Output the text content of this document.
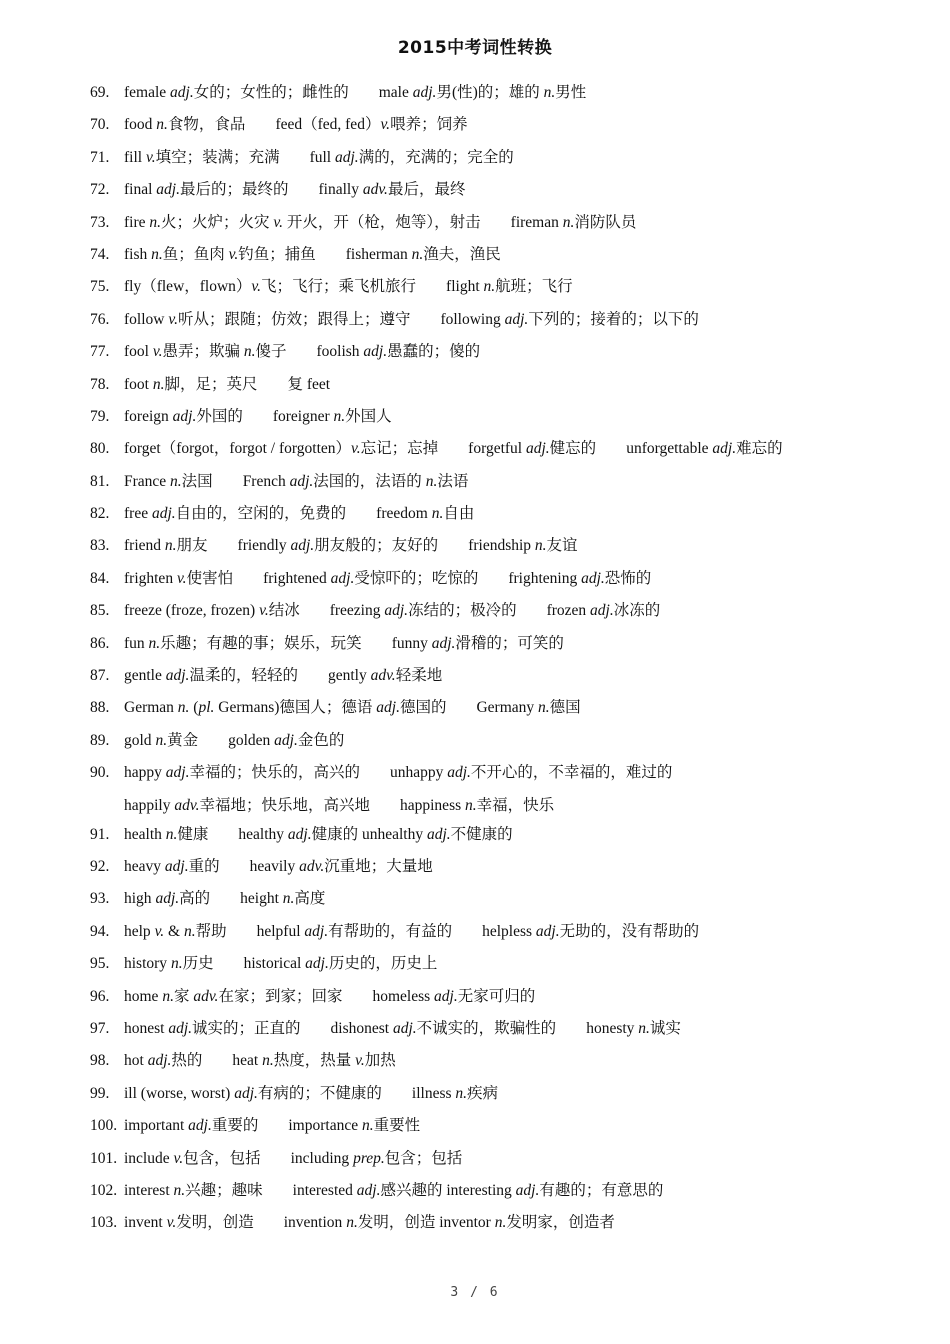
2015中考词性转换
69. female adj.女的；女性的；雌性的 male adj.男(性)的；雄的 n.男性
70. food n.食物，食品 feed（fed, fed）v.喂养；饲养
71. fill v.填空；装满；充满 full adj.满的，充满的；完全的
72. final adj.最后的；最终的 finally adv.最后，最终
73. fire n.火；火炉；火灾 v. 开火，开（枪，炮等），射击 fireman n.消防队员
74. fish n.鱼；鱼肉 v.钓鱼；捕鱼 fisherman n.渔夫，渔民
75. fly（flew，flown）v.飞；飞行；乘飞机旅行 flight n.航班；飞行
76. follow v.听从；跟随；仿效；跟得上；遵守 following adj.下列的；接着的；以下的
77. fool v.愚弄；欺骗 n.傻子 foolish adj.愚蠢的；傻的
78. foot n.脚，足；英尺 复 feet
79. foreign adj.外国的 foreigner n.外国人
80. forget（forgot，forgot / forgotten）v.忘记；忘掉 forgetful adj.健忘的 unforgettable adj.难忘的
81. France n.法国 French adj.法国的，法语的 n.法语
82. free adj.自由的，空闲的，免费的 freedom n.自由
83. friend n.朋友 friendly adj.朋友般的；友好的 friendship n.友谊
84. frighten v.使害怕 frightened adj.受惊吓的；吃惊的 frightening adj.恐怖的
85. freeze (froze, frozen) v.结冰 freezing adj.冻结的；极冷的 frozen adj.冰冻的
86. fun n.乐趣；有趣的事；娱乐，玩笑 funny adj.滑稽的；可笑的
87. gentle adj.温柔的，轻轻的 gently adv.轻柔地
88. German n. (pl. Germans)德国人；德语 adj.德国的 Germany n.德国
89. gold n.黄金 golden adj.金色的
90. happy adj.幸福的；快乐的，高兴的 unhappy adj.不开心的，不幸福的，难过的
happily adv.幸福地；快乐地，高兴地 happiness n.幸福，快乐
91. health n.健康 healthy adj.健康的 unhealthy adj.不健康的
92. heavy adj.重的 heavily adv.沉重地；大量地
93. high adj.高的 height n.高度
94. help v. & n.帮助 helpful adj.有帮助的，有益的 helpless adj.无助的，没有帮助的
95. history n.历史 historical adj.历史的，历史上
96. home n.家 adv.在家；到家；回家 homeless adj.无家可归的
97. honest adj.诚实的；正直的 dishonest adj.不诚实的，欺骗性的 honesty n.诚实
98. hot adj.热的 heat n.热度，热量 v.加热
99. ill (worse, worst) adj.有病的；不健康的 illness n.疾病
100. important adj.重要的 importance n.重要性
101. include v.包含，包括 including prep.包含；包括
102. interest n.兴趣；趣味 interested adj.感兴趣的 interesting adj.有趣的；有意思的
103. invent v.发明，创造 invention n.发明，创造 inventor n.发明家，创造者
3 / 6
